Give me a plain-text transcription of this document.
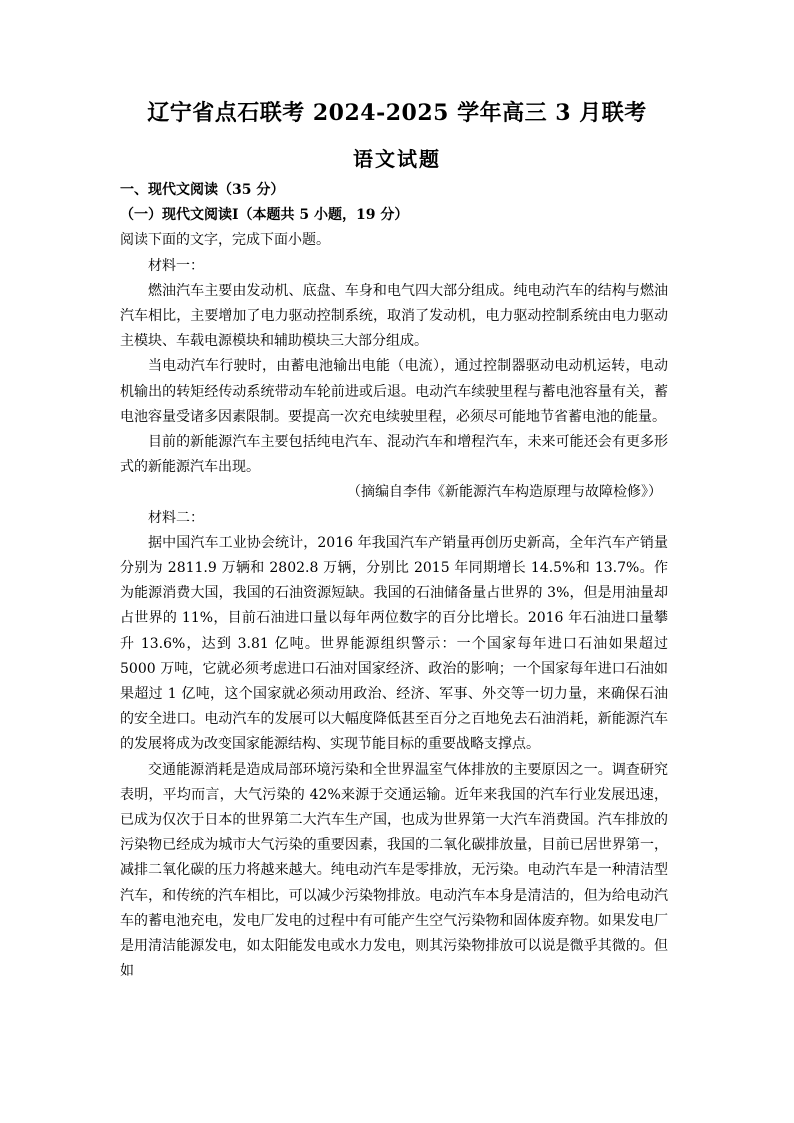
辽宁省点石联考 2024-2025 学年高三 3 月联考
语文试题

一、现代文阅读（35 分）

（一）现代文阅读Ⅰ（本题共 5 小题，19 分）

阅读下面的文字，完成下面小题。

材料一：

燃油汽车主要由发动机、底盘、车身和电气四大部分组成。纯电动汽车的结构与燃油汽车相比，主要增加了电力驱动控制系统，取消了发动机，电力驱动控制系统由电力驱动主模块、车载电源模块和辅助模块三大部分组成。

当电动汽车行驶时，由蓄电池输出电能（电流），通过控制器驱动电动机运转，电动机输出的转矩经传动系统带动车轮前进或后退。电动汽车续驶里程与蓄电池容量有关，蓄电池容量受诸多因素限制。要提高一次充电续驶里程，必须尽可能地节省蓄电池的能量。

目前的新能源汽车主要包括纯电汽车、混动汽车和增程汽车，未来可能还会有更多形式的新能源汽车出现。

（摘编自李伟《新能源汽车构造原理与故障检修》）

材料二：

据中国汽车工业协会统计，2016 年我国汽车产销量再创历史新高，全年汽车产销量分别为 2811.9 万辆和 2802.8 万辆，分别比 2015 年同期增长 14.5%和 13.7%。作为能源消费大国，我国的石油资源短缺。我国的石油储备量占世界的 3%，但是用油量却占世界的 11%，目前石油进口量以每年两位数字的百分比增长。2016 年石油进口量攀升 13.6%，达到 3.81 亿吨。世界能源组织警示：一个国家每年进口石油如果超过 5000 万吨，它就必须考虑进口石油对国家经济、政治的影响；一个国家每年进口石油如果超过 1 亿吨，这个国家就必须动用政治、经济、军事、外交等一切力量，来确保石油的安全进口。电动汽车的发展可以大幅度降低甚至百分之百地免去石油消耗，新能源汽车的发展将成为改变国家能源结构、实现节能目标的重要战略支撑点。

交通能源消耗是造成局部环境污染和全世界温室气体排放的主要原因之一。调查研究表明，平均而言，大气污染的 42%来源于交通运输。近年来我国的汽车行业发展迅速，已成为仅次于日本的世界第二大汽车生产国，也成为世界第一大汽车消费国。汽车排放的污染物已经成为城市大气污染的重要因素，我国的二氧化碳排放量，目前已居世界第一，减排二氧化碳的压力将越来越大。纯电动汽车是零排放，无污染。电动汽车是一种清洁型汽车，和传统的汽车相比，可以减少污染物排放。电动汽车本身是清洁的，但为给电动汽车的蓄电池充电，发电厂发电的过程中有可能产生空气污染物和固体废弃物。如果发电厂是用清洁能源发电，如太阳能发电或水力发电，则其污染物排放可以说是微乎其微的。但如
